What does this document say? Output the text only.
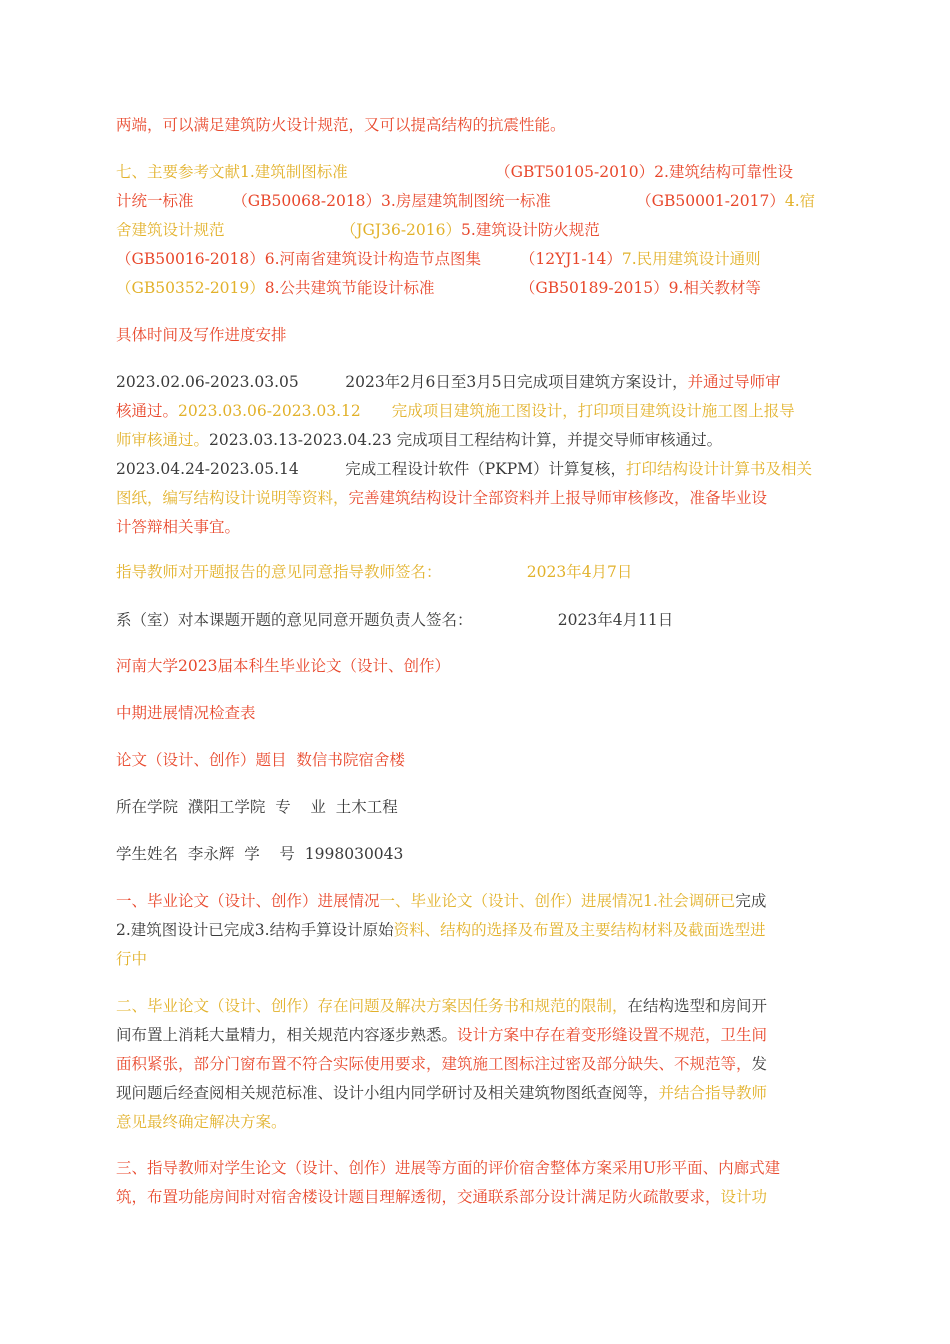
两端，可以满足建筑防火设计规范，又可以提高结构的抗震性能。
七、主要参考文献1.建筑制图标准　　　　　　　　　　	（GBT50105-2010）2.建筑结构可靠性设
计统一标准　　　	（GB50068-2018）3.房屋建筑制图统一标准　　　　　　	（GB50001-2017）4.宿
舍建筑设计规范　　　　　　　　	（JGJ36-2016）5.建筑设计防火规范
（GB50016-2018）6.河南省建筑设计构造节点图集　　　	（12YJ1-14）7.民用建筑设计通则
（GB50352-2019）8.公共建筑节能设计标准　　　　　　	（GB50189-2015）9.相关教材等
具体时间及写作进度安排
2023.02.06-2023.03.05　　　2023年2月6日至3月5日完成项目建筑方案设计，并通过导师审
核通过。2023.03.06-2023.03.12　　完成项目建筑施工图设计，打印项目建筑设计施工图上报导
师审核通过。2023.03.13-2023.04.23 完成项目工程结构计算，并提交导师审核通过。
2023.04.24-2023.05.14　　　完成工程设计软件（PKPM）计算复核，打印结构设计计算书及相关
图纸，编写结构设计说明等资料，完善建筑结构设计全部资料并上报导师审核修改，准备毕业设
计答辩相关事宜。
指导教师对开题报告的意见同意指导教师签名：　　　　　　2023年4月7日
系（室）对本课题开题的意见同意开题负责人签名：　　　　　　2023年4月11日
河南大学2023届本科生毕业论文（设计、创作）
中期进展情况检查表
论文（设计、创作）题目  数信书院宿舍楼
所在学院  濮阳工学院  专    业  土木工程
学生姓名  李永辉  学    号  1998030043
一、毕业论文（设计、创作）进展情况一、毕业论文（设计、创作）进展情况1.社会调研已完成
2.建筑图设计已完成3.结构手算设计原始资料、结构的选择及布置及主要结构材料及截面选型进
行中
二、毕业论文（设计、创作）存在问题及解决方案因任务书和规范的限制，在结构选型和房间开
间布置上消耗大量精力，相关规范内容逐步熟悉。设计方案中存在着变形缝设置不规范，卫生间
面积紧张，部分门窗布置不符合实际使用要求，建筑施工图标注过密及部分缺失、不规范等，发
现问题后经查阅相关规范标准、设计小组内同学研讨及相关建筑物图纸查阅等，并结合指导教师
意见最终确定解决方案。
三、指导教师对学生论文（设计、创作）进展等方面的评价宿舍整体方案采用U形平面、内廊式建
筑，布置功能房间时对宿舍楼设计题目理解透彻，交通联系部分设计满足防火疏散要求，设计功
